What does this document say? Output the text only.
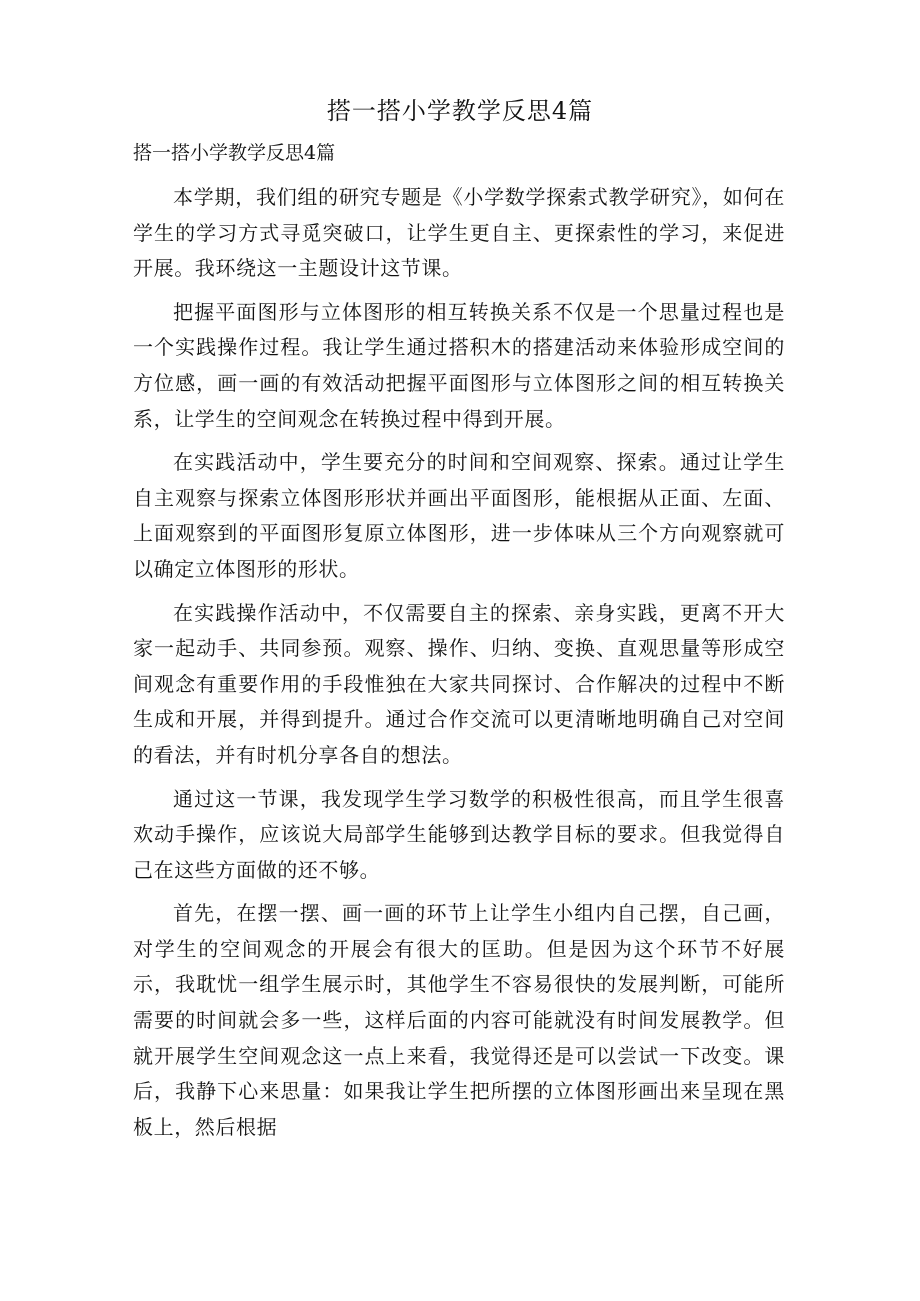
搭一搭小学教学反思4篇
搭一搭小学教学反思4篇

本学期，我们组的研究专题是《小学数学探索式教学研究》，如何在学生的学习方式寻觅突破口，让学生更自主、更探索性的学习，来促进开展。我环绕这一主题设计这节课。

把握平面图形与立体图形的相互转换关系不仅是一个思量过程也是一个实践操作过程。我让学生通过搭积木的搭建活动来体验形成空间的方位感，画一画的有效活动把握平面图形与立体图形之间的相互转换关系，让学生的空间观念在转换过程中得到开展。

在实践活动中，学生要充分的时间和空间观察、探索。通过让学生自主观察与探索立体图形形状并画出平面图形，能根据从正面、左面、上面观察到的平面图形复原立体图形，进一步体味从三个方向观察就可以确定立体图形的形状。

在实践操作活动中，不仅需要自主的探索、亲身实践，更离不开大家一起动手、共同参预。观察、操作、归纳、变换、直观思量等形成空间观念有重要作用的手段惟独在大家共同探讨、合作解决的过程中不断生成和开展，并得到提升。通过合作交流可以更清晰地明确自己对空间的看法，并有时机分享各自的想法。

通过这一节课，我发现学生学习数学的积极性很高，而且学生很喜欢动手操作，应该说大局部学生能够到达教学目标的要求。但我觉得自己在这些方面做的还不够。

首先，在摆一摆、画一画的环节上让学生小组内自己摆，自己画，对学生的空间观念的开展会有很大的匡助。但是因为这个环节不好展示，我耽忧一组学生展示时，其他学生不容易很快的发展判断，可能所需要的时间就会多一些，这样后面的内容可能就没有时间发展教学。但就开展学生空间观念这一点上来看，我觉得还是可以尝试一下改变。课后，我静下心来思量：如果我让学生把所摆的立体图形画出来呈现在黑板上，然后根据
